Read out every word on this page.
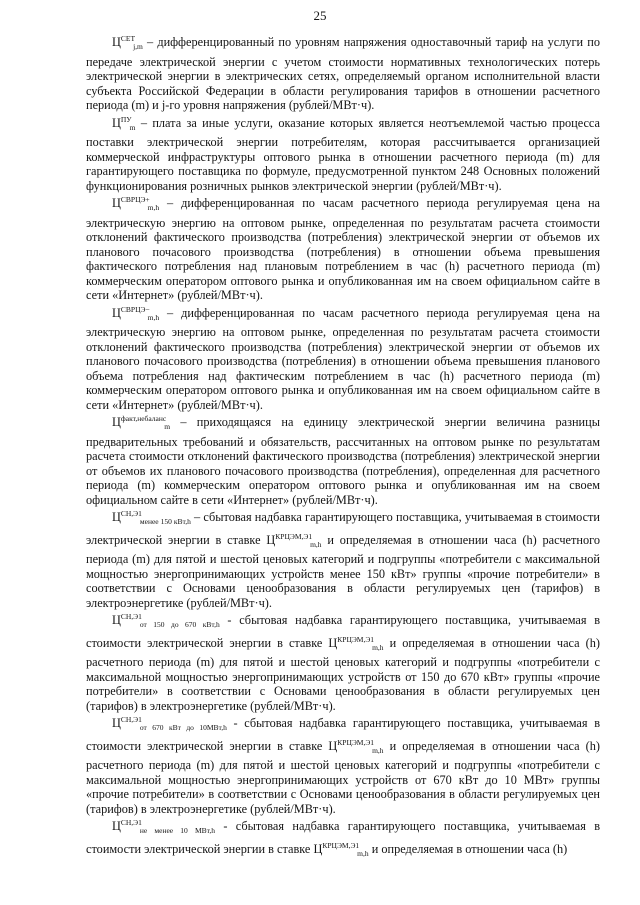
25

$Ц^{СЕТ}_{j,m}$ – дифференцированный по уровням напряжения одноставочный тариф на услуги по передаче электрической энергии с учетом стоимости нормативных технологических потерь электрической энергии в электрических сетях, определяемый органом исполнительной власти субъекта Российской Федерации в области регулирования тарифов в отношении расчетного периода (m) и j-го уровня напряжения (рублей/МВт·ч).

$Ц^{ПУ}_m$ – плата за иные услуги, оказание которых является неотъемлемой частью процесса поставки электрической энергии потребителям, которая рассчитывается организацией коммерческой инфраструктуры оптового рынка в отношении расчетного периода (m) для гарантирующего поставщика по формуле, предусмотренной пунктом 248 Основных положений функционирования розничных рынков электрической энергии (рублей/МВт·ч).

$Ц^{СВРЦЭ+}_{m,h}$ – дифференцированная по часам расчетного периода регулируемая цена на электрическую энергию на оптовом рынке, определенная по результатам расчета стоимости отклонений фактического производства (потребления) электрической энергии от объемов их планового почасового производства (потребления) в отношении объема превышения фактического потребления над плановым потреблением в час (h) расчетного периода (m) коммерческим оператором оптового рынка и опубликованная им на своем официальном сайте в сети «Интернет» (рублей/МВт·ч).

$Ц^{СВРЦЭ-}_{m,h}$ – дифференцированная по часам расчетного периода регулируемая цена на электрическую энергию на оптовом рынке, определенная по результатам расчета стоимости отклонений фактического производства (потребления) электрической энергии от объемов их планового почасового производства (потребления) в отношении объема превышения планового объема потребления над фактическим потреблением в час (h) расчетного периода (m) коммерческим оператором оптового рынка и опубликованная им на своем официальном сайте в сети «Интернет» (рублей/МВт·ч).

$Ц^{факт,небаланс}_m$ – приходящаяся на единицу электрической энергии величина разницы предварительных требований и обязательств, рассчитанных на оптовом рынке по результатам расчета стоимости отклонений фактического производства (потребления) электрической энергии от объемов их планового почасового производства (потребления), определенная для расчетного периода (m) коммерческим оператором оптового рынка и опубликованная им на своем официальном сайте в сети «Интернет» (рублей/МВт·ч).

$Ц^{СН,Э1}_{менее 150 кВт,h}$ – сбытовая надбавка гарантирующего поставщика, учитываемая в стоимости электрической энергии в ставке $Ц^{КРЦЭМ,Э1}_{m,h}$ и определяемая в отношении часа (h) расчетного периода (m) для пятой и шестой ценовых категорий и подгруппы «потребители с максимальной мощностью энергопринимающих устройств менее 150 кВт» группы «прочие потребители» в соответствии с Основами ценообразования в области регулируемых цен (тарифов) в электроэнергетике (рублей/МВт·ч).

$Ц^{СН,Э1}_{от 150 до 670 кВт,h}$ - сбытовая надбавка гарантирующего поставщика, учитываемая в стоимости электрической энергии в ставке $Ц^{КРЦЭМ,Э1}_{m,h}$ и определяемая в отношении часа (h) расчетного периода (m) для пятой и шестой ценовых категорий и подгруппы «потребители с максимальной мощностью энергопринимающих устройств от 150 до 670 кВт» группы «прочие потребители» в соответствии с Основами ценообразования в области регулируемых цен (тарифов) в электроэнергетике (рублей/МВт·ч).

$Ц^{СН,Э1}_{от 670 кВт до 10МВт,h}$ - сбытовая надбавка гарантирующего поставщика, учитываемая в стоимости электрической энергии в ставке $Ц^{КРЦЭМ,Э1}_{m,h}$ и определяемая в отношении часа (h) расчетного периода (m) для пятой и шестой ценовых категорий и подгруппы «потребители с максимальной мощностью энергопринимающих устройств от 670 кВт до 10 МВт» группы «прочие потребители» в соответствии с Основами ценообразования в области регулируемых цен (тарифов) в электроэнергетике (рублей/МВт·ч).

$Ц^{СН,Э1}_{не менее 10 МВт,h}$ - сбытовая надбавка гарантирующего поставщика, учитываемая в стоимости электрической энергии в ставке $Ц^{КРЦЭМ,Э1}_{m,h}$ и определяемая в отношении часа (h)
